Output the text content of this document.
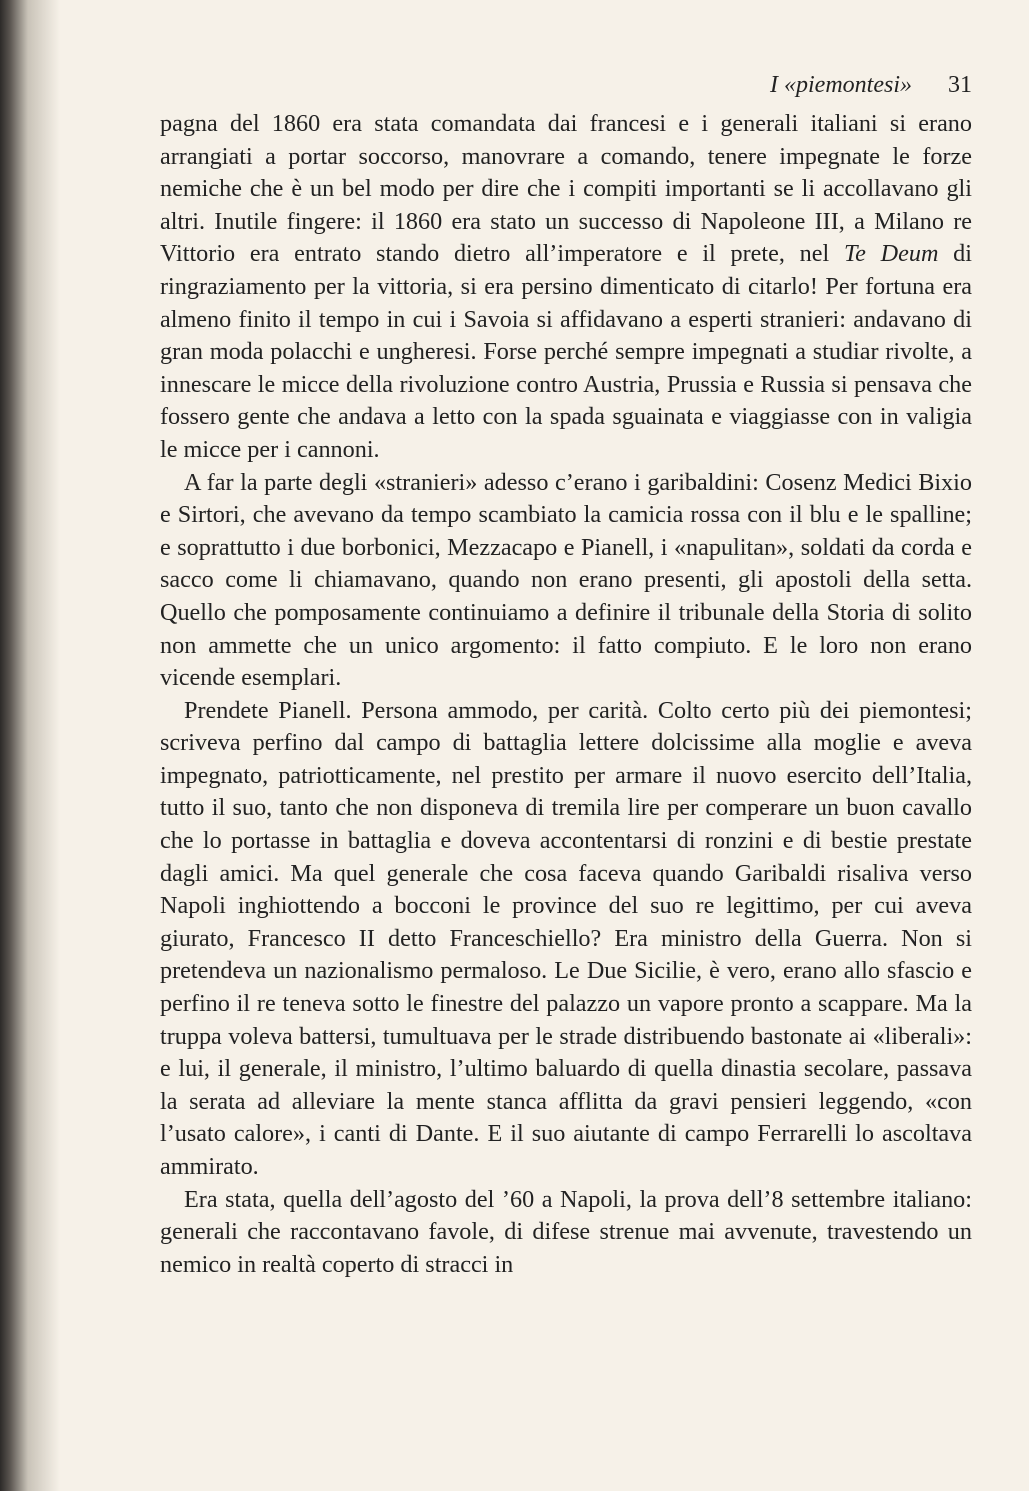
I «piemontesi» 31

pagna del 1860 era stata comandata dai francesi e i generali italiani si erano arrangiati a portar soccorso, manovrare a comando, tenere impegnate le forze nemiche che è un bel modo per dire che i compiti importanti se li accollavano gli altri. Inutile fingere: il 1860 era stato un successo di Napoleone III, a Milano re Vittorio era entrato stando dietro all’imperatore e il prete, nel Te Deum di ringraziamento per la vittoria, si era persino dimenticato di citarlo! Per fortuna era almeno finito il tempo in cui i Savoia si affidavano a esperti stranieri: andavano di gran moda polacchi e ungheresi. Forse perché sempre impegnati a studiar rivolte, a innescare le micce della rivoluzione contro Austria, Prussia e Russia si pensava che fossero gente che andava a letto con la spada sguainata e viaggiasse con in valigia le micce per i cannoni.

A far la parte degli «stranieri» adesso c’erano i garibaldini: Cosenz Medici Bixio e Sirtori, che avevano da tempo scambiato la camicia rossa con il blu e le spalline; e soprattutto i due borbonici, Mezzacapo e Pianell, i «napulitan», soldati da corda e sacco come li chiamavano, quando non erano presenti, gli apostoli della setta. Quello che pomposamente continuiamo a definire il tribunale della Storia di solito non ammette che un unico argomento: il fatto compiuto. E le loro non erano vicende esemplari.

Prendete Pianell. Persona ammodo, per carità. Colto certo più dei piemontesi; scriveva perfino dal campo di battaglia lettere dolcissime alla moglie e aveva impegnato, patriotticamente, nel prestito per armare il nuovo esercito dell’Italia, tutto il suo, tanto che non disponeva di tremila lire per comperare un buon cavallo che lo portasse in battaglia e doveva accontentarsi di ronzini e di bestie prestate dagli amici. Ma quel generale che cosa faceva quando Garibaldi risaliva verso Napoli inghiottendo a bocconi le province del suo re legittimo, per cui aveva giurato, Francesco II detto Franceschiello? Era ministro della Guerra. Non si pretendeva un nazionalismo permaloso. Le Due Sicilie, è vero, erano allo sfascio e perfino il re teneva sotto le finestre del palazzo un vapore pronto a scappare. Ma la truppa voleva battersi, tumultuava per le strade distribuendo bastonate ai «liberali»: e lui, il generale, il ministro, l’ultimo baluardo di quella dinastia secolare, passava la serata ad alleviare la mente stanca afflitta da gravi pensieri leggendo, «con l’usato calore», i canti di Dante. E il suo aiutante di campo Ferrarelli lo ascoltava ammirato.

Era stata, quella dell’agosto del ’60 a Napoli, la prova dell’8 settembre italiano: generali che raccontavano favole, di difese strenue mai avvenute, travestendo un nemico in realtà coperto di stracci in
